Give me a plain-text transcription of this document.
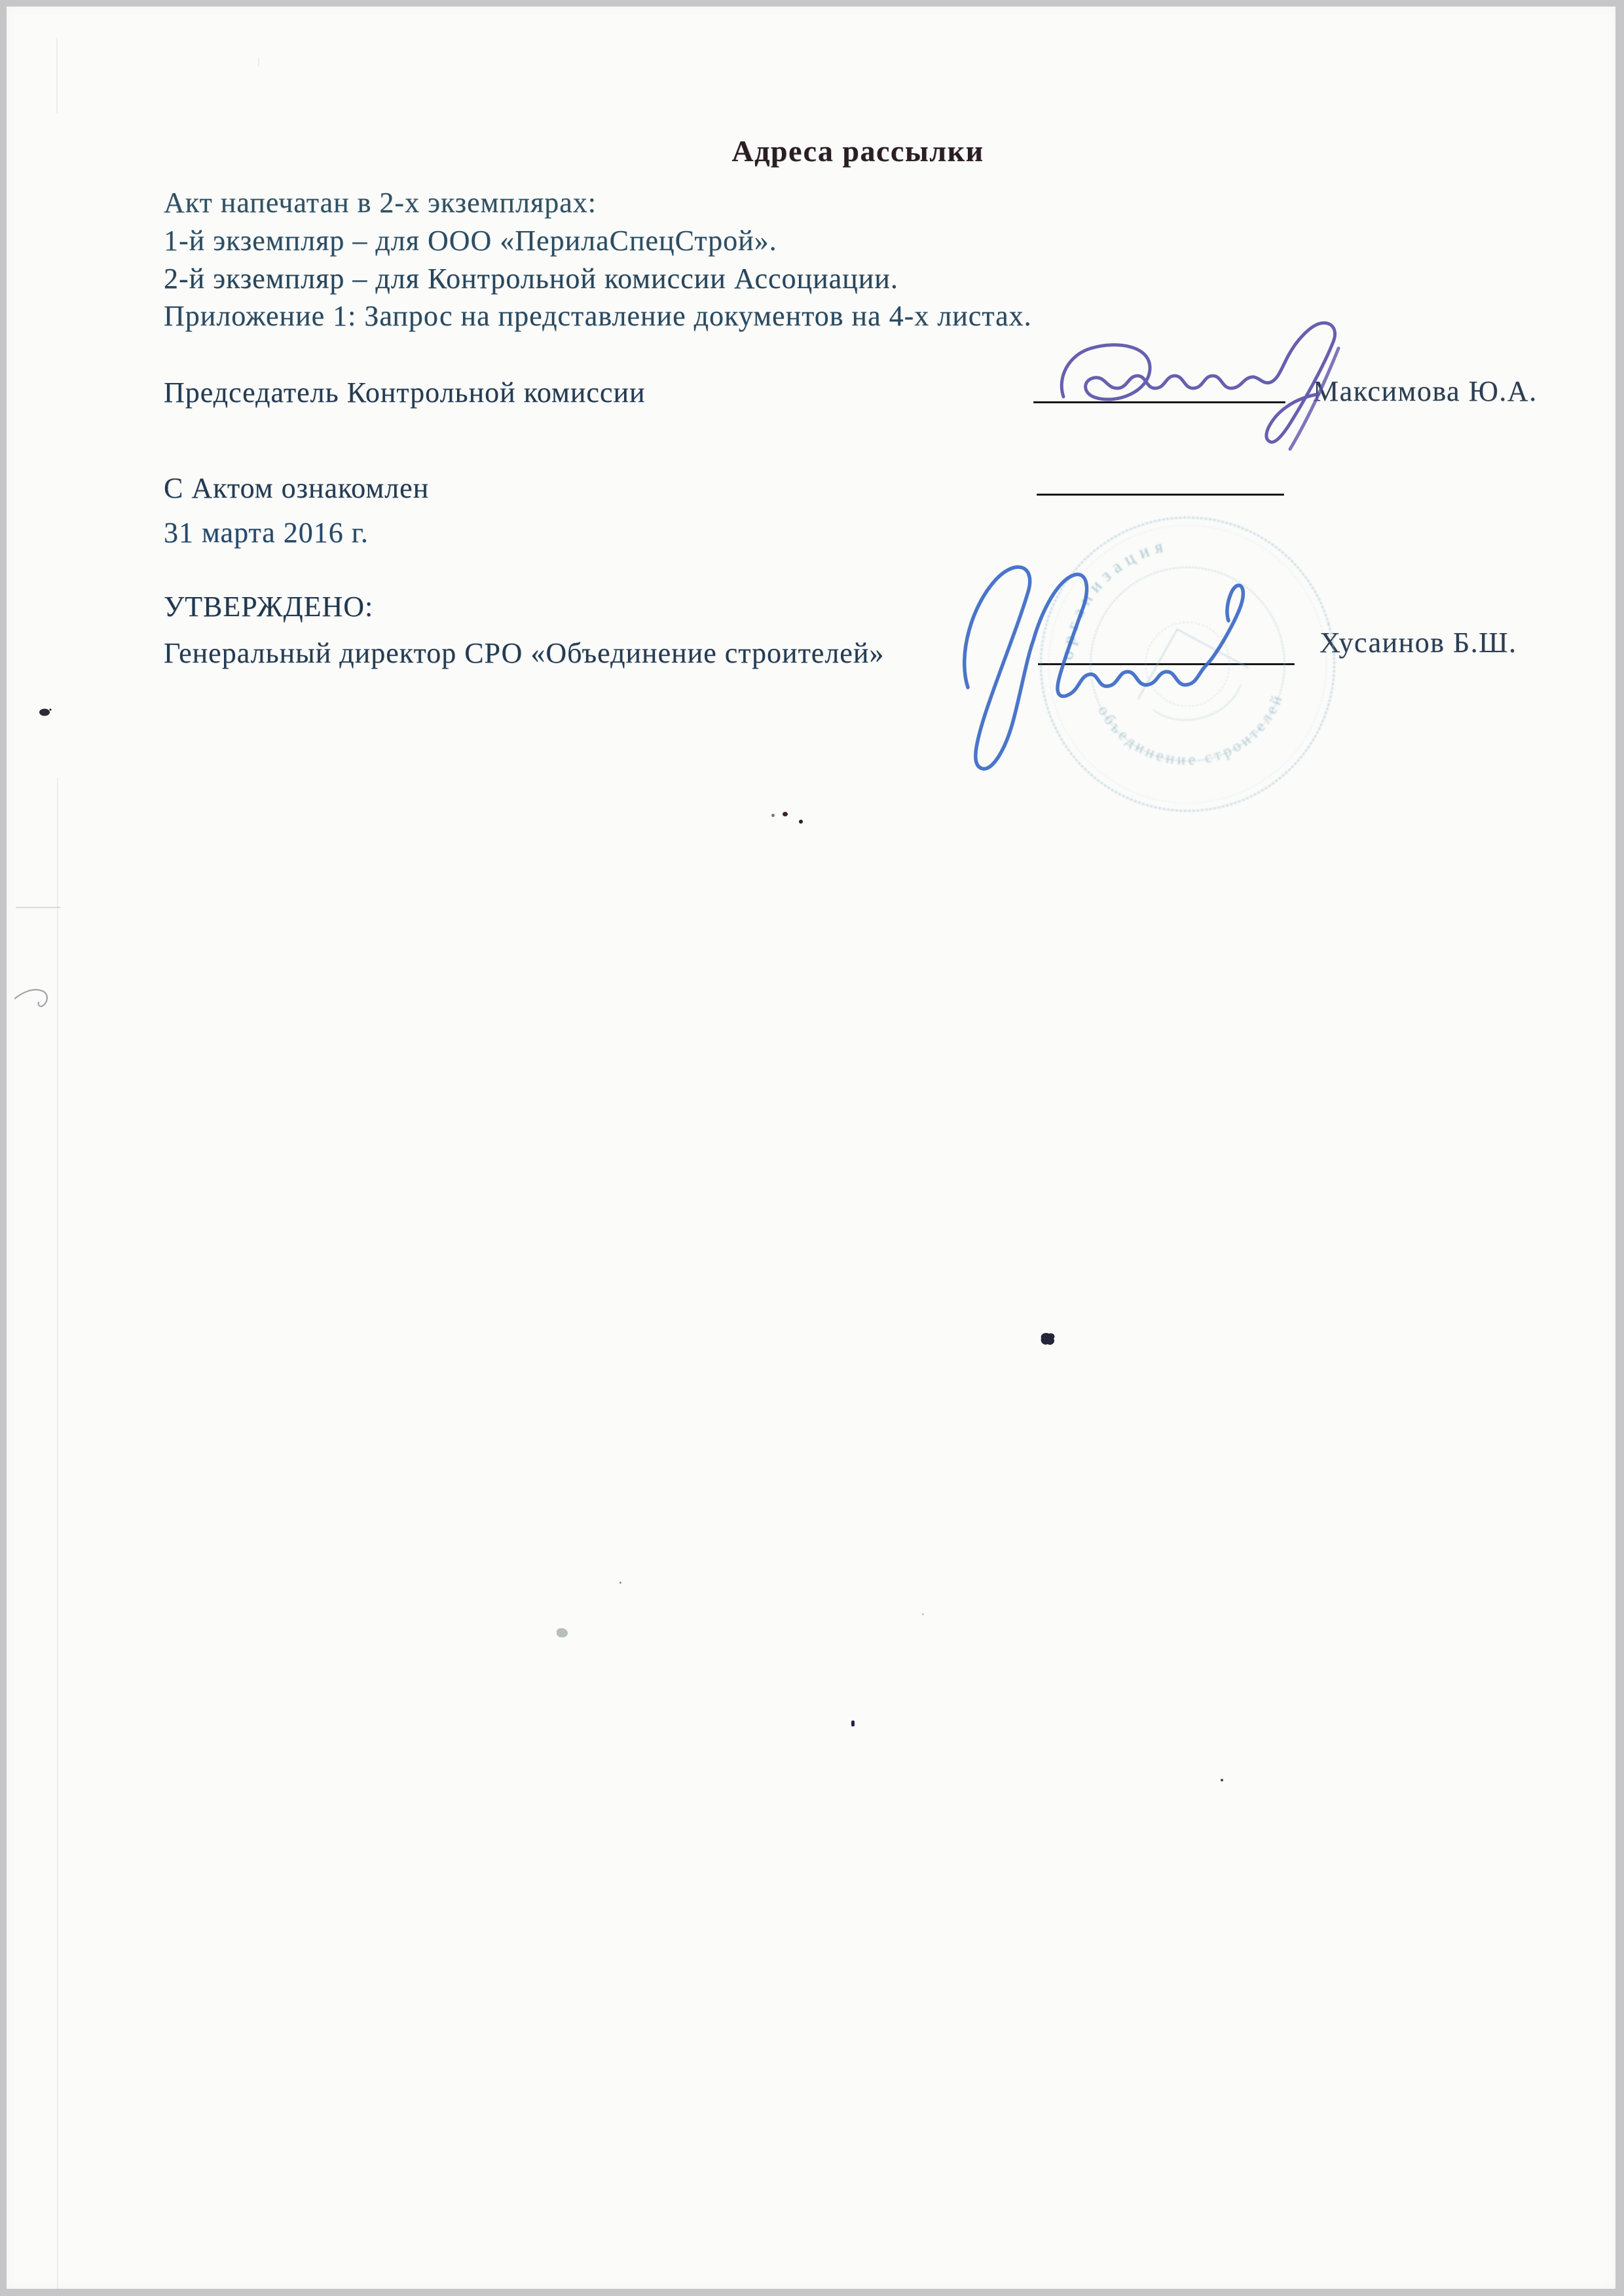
Адреса рассылки
Акт напечатан в 2-х экземплярах:
1-й экземпляр – для ООО «ПерилаСпецСтрой».
2-й экземпляр – для Контрольной комиссии Ассоциации.
Приложение 1: Запрос на представление документов на 4-х листах.
Председатель Контрольной комиссии	Максимова Ю.А.
С Актом ознакомлен
31 марта 2016 г.
УТВЕРЖДЕНО:
Генеральный директор СРО «Объединение строителей»	Хусаинов Б.Ш.
организация
объединение строителей
